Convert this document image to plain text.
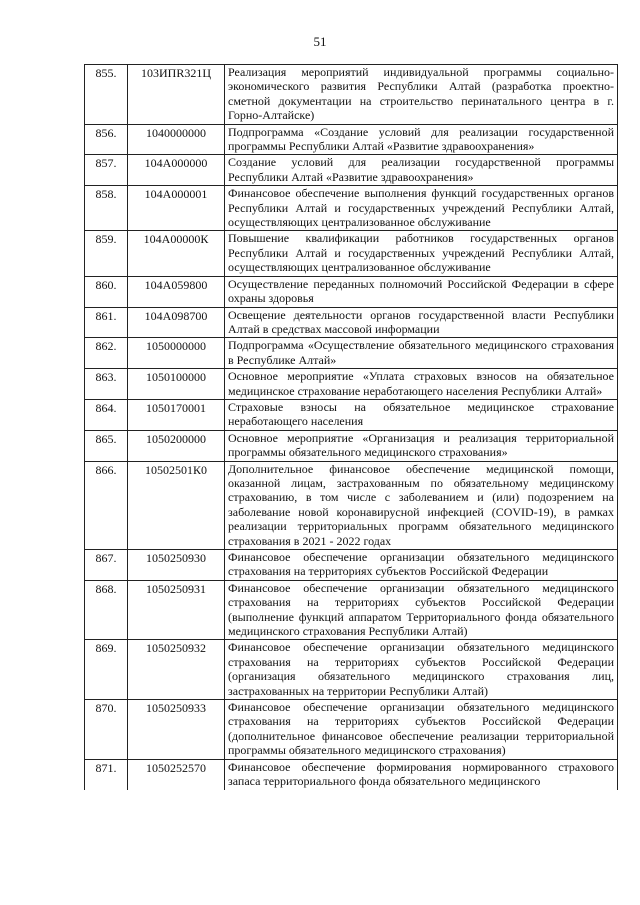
51
855.	103ИПR321Ц	Реализация мероприятий индивидуальной программы социально-экономического развития Республики Алтай (разработка проектно-сметной документации на строительство перинатального центра в г. Горно-Алтайске)
856.	1040000000	Подпрограмма «Создание условий для реализации государственной программы Республики Алтай «Развитие здравоохранения»
857.	104А000000	Создание условий для реализации государственной программы Республики Алтай «Развитие здравоохранения»
858.	104А000001	Финансовое обеспечение выполнения функций государственных органов Республики Алтай и государственных учреждений Республики Алтай, осуществляющих централизованное обслуживание
859.	104А00000К	Повышение квалификации работников государственных органов Республики Алтай и государственных учреждений Республики Алтай, осуществляющих централизованное обслуживание
860.	104А059800	Осуществление переданных полномочий Российской Федерации в сфере охраны здоровья
861.	104А098700	Освещение деятельности органов государственной власти Республики Алтай в средствах массовой информации
862.	1050000000	Подпрограмма «Осуществление обязательного медицинского страхования в Республике Алтай»
863.	1050100000	Основное мероприятие «Уплата страховых взносов на обязательное медицинское страхование неработающего населения Республики Алтай»
864.	1050170001	Страховые взносы на обязательное медицинское страхование неработающего населения
865.	1050200000	Основное мероприятие «Организация и реализация территориальной программы обязательного медицинского страхования»
866.	10502501К0	Дополнительное финансовое обеспечение медицинской помощи, оказанной лицам, застрахованным по обязательному медицинскому страхованию, в том числе с заболеванием и (или) подозрением на заболевание новой коронавирусной инфекцией (COVID-19), в рамках реализации территориальных программ обязательного медицинского страхования в 2021 - 2022 годах
867.	1050250930	Финансовое обеспечение организации обязательного медицинского страхования на территориях субъектов Российской Федерации
868.	1050250931	Финансовое обеспечение организации обязательного медицинского страхования на территориях субъектов Российской Федерации (выполнение функций аппаратом Территориального фонда обязательного медицинского страхования Республики Алтай)
869.	1050250932	Финансовое обеспечение организации обязательного медицинского страхования на территориях субъектов Российской Федерации (организация обязательного медицинского страхования лиц, застрахованных на территории Республики Алтай)
870.	1050250933	Финансовое обеспечение организации обязательного медицинского страхования на территориях субъектов Российской Федерации (дополнительное финансовое обеспечение реализации территориальной программы обязательного медицинского страхования)
871.	1050252570	Финансовое обеспечение формирования нормированного страхового запаса территориального фонда обязательного медицинского
